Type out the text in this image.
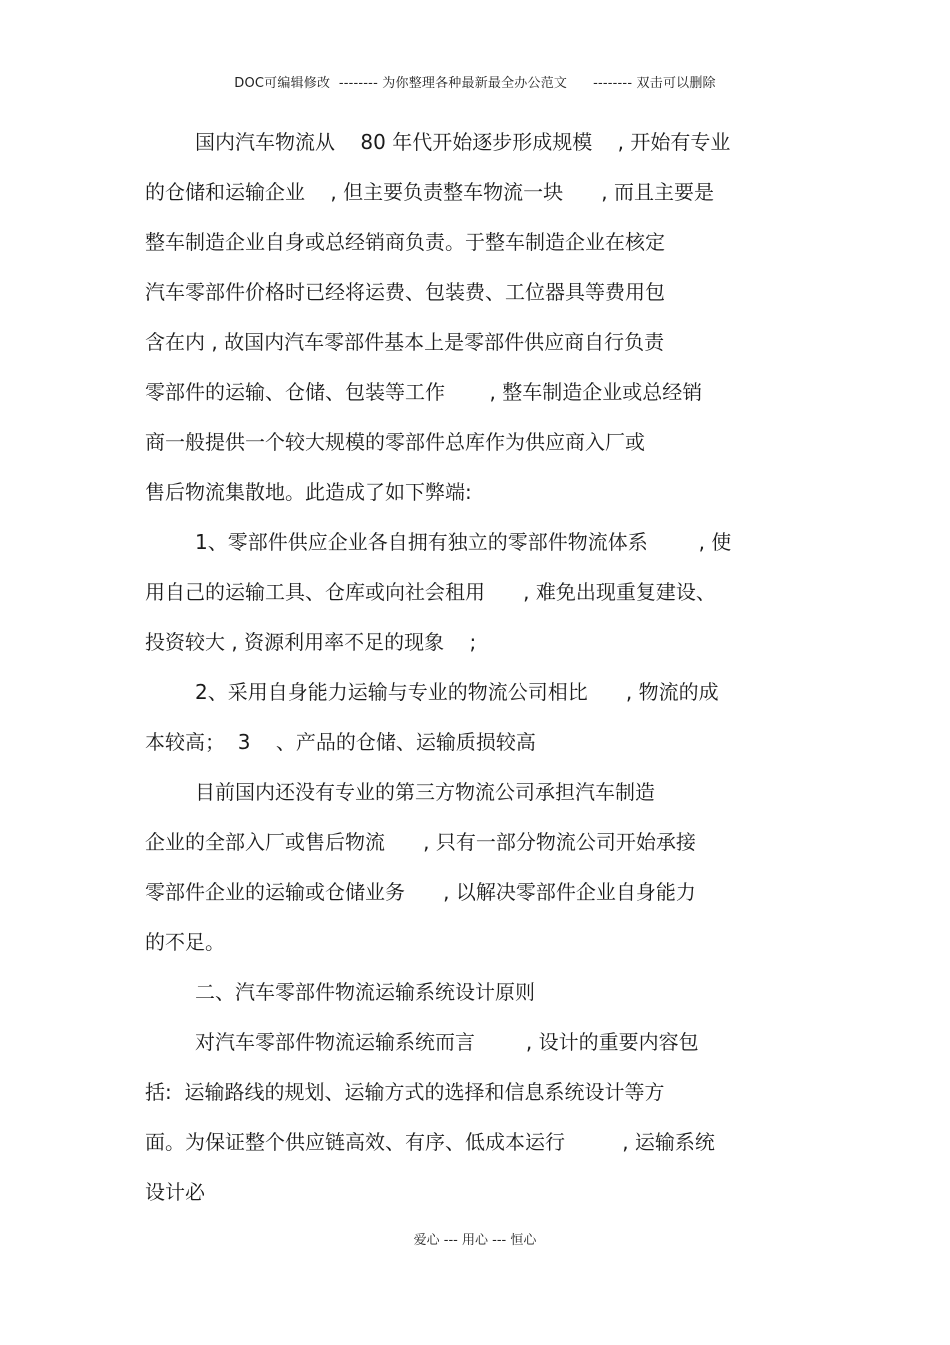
DOC可编辑修改  -------- 为你整理各种最新最全办公范文      -------- 双击可以删除
国内汽车物流从    80 年代开始逐步形成规模    , 开始有专业
的仓储和运输企业    , 但主要负责整车物流一块      , 而且主要是
整车制造企业自身或总经销商负责。于整车制造企业在核定
汽车零部件价格时已经将运费、包装费、工位器具等费用包
含在内 , 故国内汽车零部件基本上是零部件供应商自行负责
零部件的运输、仓储、包装等工作       , 整车制造企业或总经销
商一般提供一个较大规模的零部件总库作为供应商入厂或
售后物流集散地。此造成了如下弊端:
1、零部件供应企业各自拥有独立的零部件物流体系        , 使
用自己的运输工具、仓库或向社会租用      , 难免出现重复建设、
投资较大 , 资源利用率不足的现象    ;
2、采用自身能力运输与专业的物流公司相比      , 物流的成
本较高；  3    、产品的仓储、运输质损较高
目前国内还没有专业的第三方物流公司承担汽车制造
企业的全部入厂或售后物流      , 只有一部分物流公司开始承接
零部件企业的运输或仓储业务      , 以解决零部件企业自身能力
的不足。
二、汽车零部件物流运输系统设计原则
对汽车零部件物流运输系统而言        , 设计的重要内容包
括:  运输路线的规划、运输方式的选择和信息系统设计等方
面。为保证整个供应链高效、有序、低成本运行         , 运输系统
设计必
爱心 --- 用心 --- 恒心
